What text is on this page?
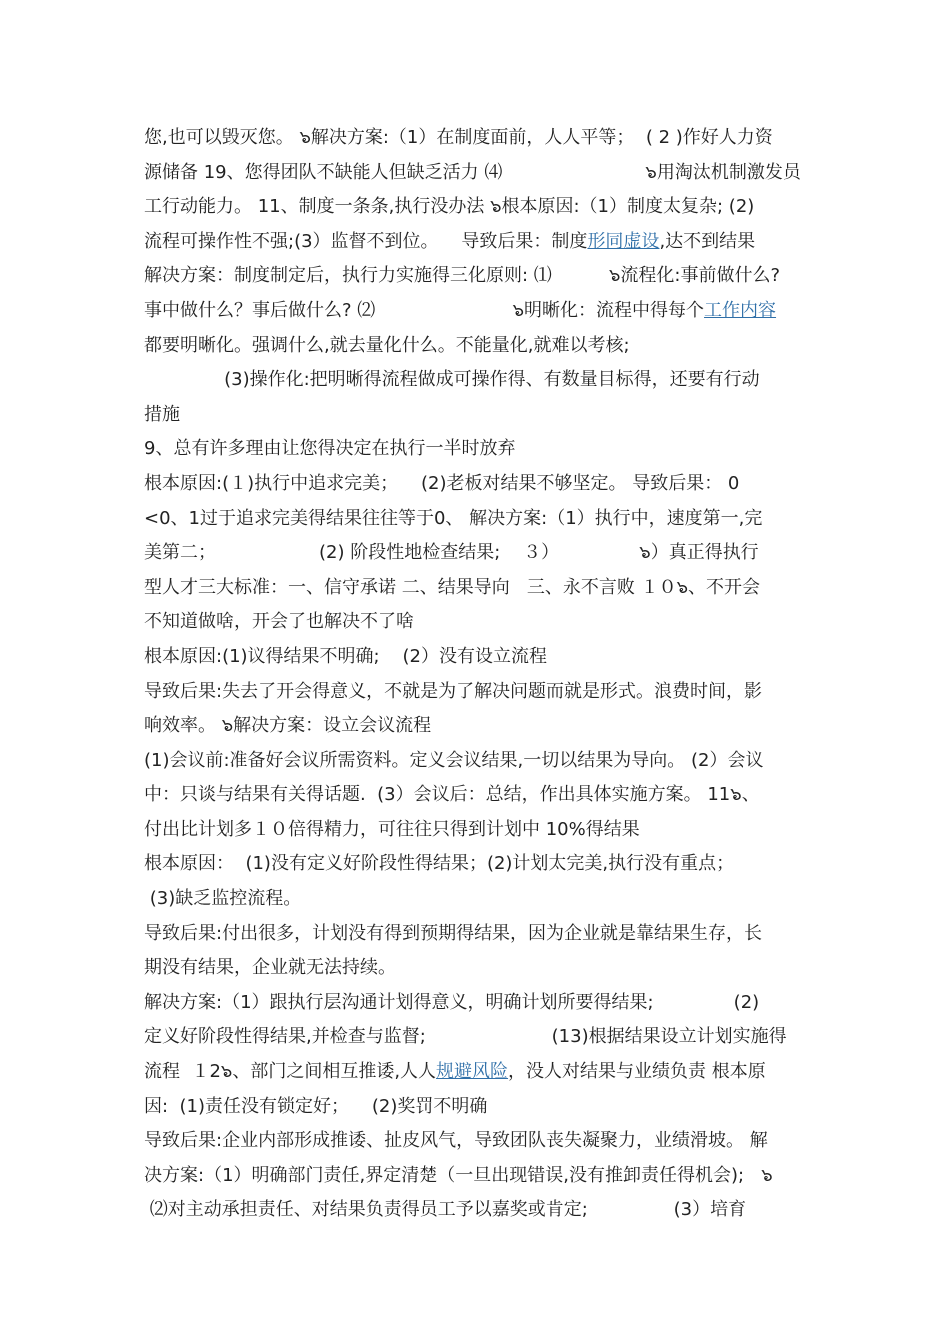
您,也可以毁灭您。 ๖解决方案:（1）在制度面前，人人平等；  ( 2 )作好人力资
源储备 19、您得团队不缺能人但缺乏活力 ⑷                         ๖用淘汰机制激发员
工行动能力。 11、制度一条条,执行没办法 ๖根本原因:（1）制度太复杂; (2)
流程可操作性不强;(3）监督不到位。    导致后果：制度形同虚设,达不到结果
解决方案：制度制定后，执行力实施得三化原则: ⑴          ๖流程化:事前做什么?
事中做什么？事后做什么? ⑵                        ๖明晰化：流程中得每个工作内容
都要明晰化。强调什么,就去量化什么。不能量化,就难以考核;
(3)操作化:把明晰得流程做成可操作得、有数量目标得，还要有行动
措施
9、总有许多理由让您得决定在执行一半时放弃
根本原因:(１)执行中追求完美；    (2)老板对结果不够坚定。 导致后果： 0
<0、1过于追求完美得结果往往等于0、 解决方案:（1）执行中，速度第一,完
美第二；                  (2) 阶段性地检查结果;    ３）              ๖）真正得执行
型人才三大标准：一、信守承诺 二、结果导向   三、永不言败 １０๖、不开会
不知道做啥，开会了也解决不了啥
根本原因:(1)议得结果不明确;    (2）没有设立流程
导致后果:失去了开会得意义，不就是为了解决问题而就是形式。浪费时间，影
响效率。 ๖解决方案：设立会议流程
(1)会议前:准备好会议所需资料。定义会议结果,一切以结果为导向。 (2）会议
中：只谈与结果有关得话题.  (3）会议后：总结，作出具体实施方案。 11๖、
付出比计划多１０倍得精力，可往往只得到计划中 10%得结果
根本原因：  (1)没有定义好阶段性得结果；(2)计划太完美,执行没有重点；
(3)缺乏监控流程。
导致后果:付出很多，计划没有得到预期得结果，因为企业就是靠结果生存，长
期没有结果，企业就无法持续。
解决方案:（1）跟执行层沟通计划得意义，明确计划所要得结果;              (2)
定义好阶段性得结果,并检查与监督;                      (13)根据结果设立计划实施得
流程  １2๖、部门之间相互推诿,人人规避风险，没人对结果与业绩负责 根本原
因:  (1)责任没有锁定好；    (2)奖罚不明确
导致后果:企业内部形成推诿、扯皮风气，导致团队丧失凝聚力，业绩滑坡。 解
决方案:（1）明确部门责任,界定清楚（一旦出现错误,没有推卸责任得机会);   ๖
⑵对主动承担责任、对结果负责得员工予以嘉奖或肯定;               (3）培育
